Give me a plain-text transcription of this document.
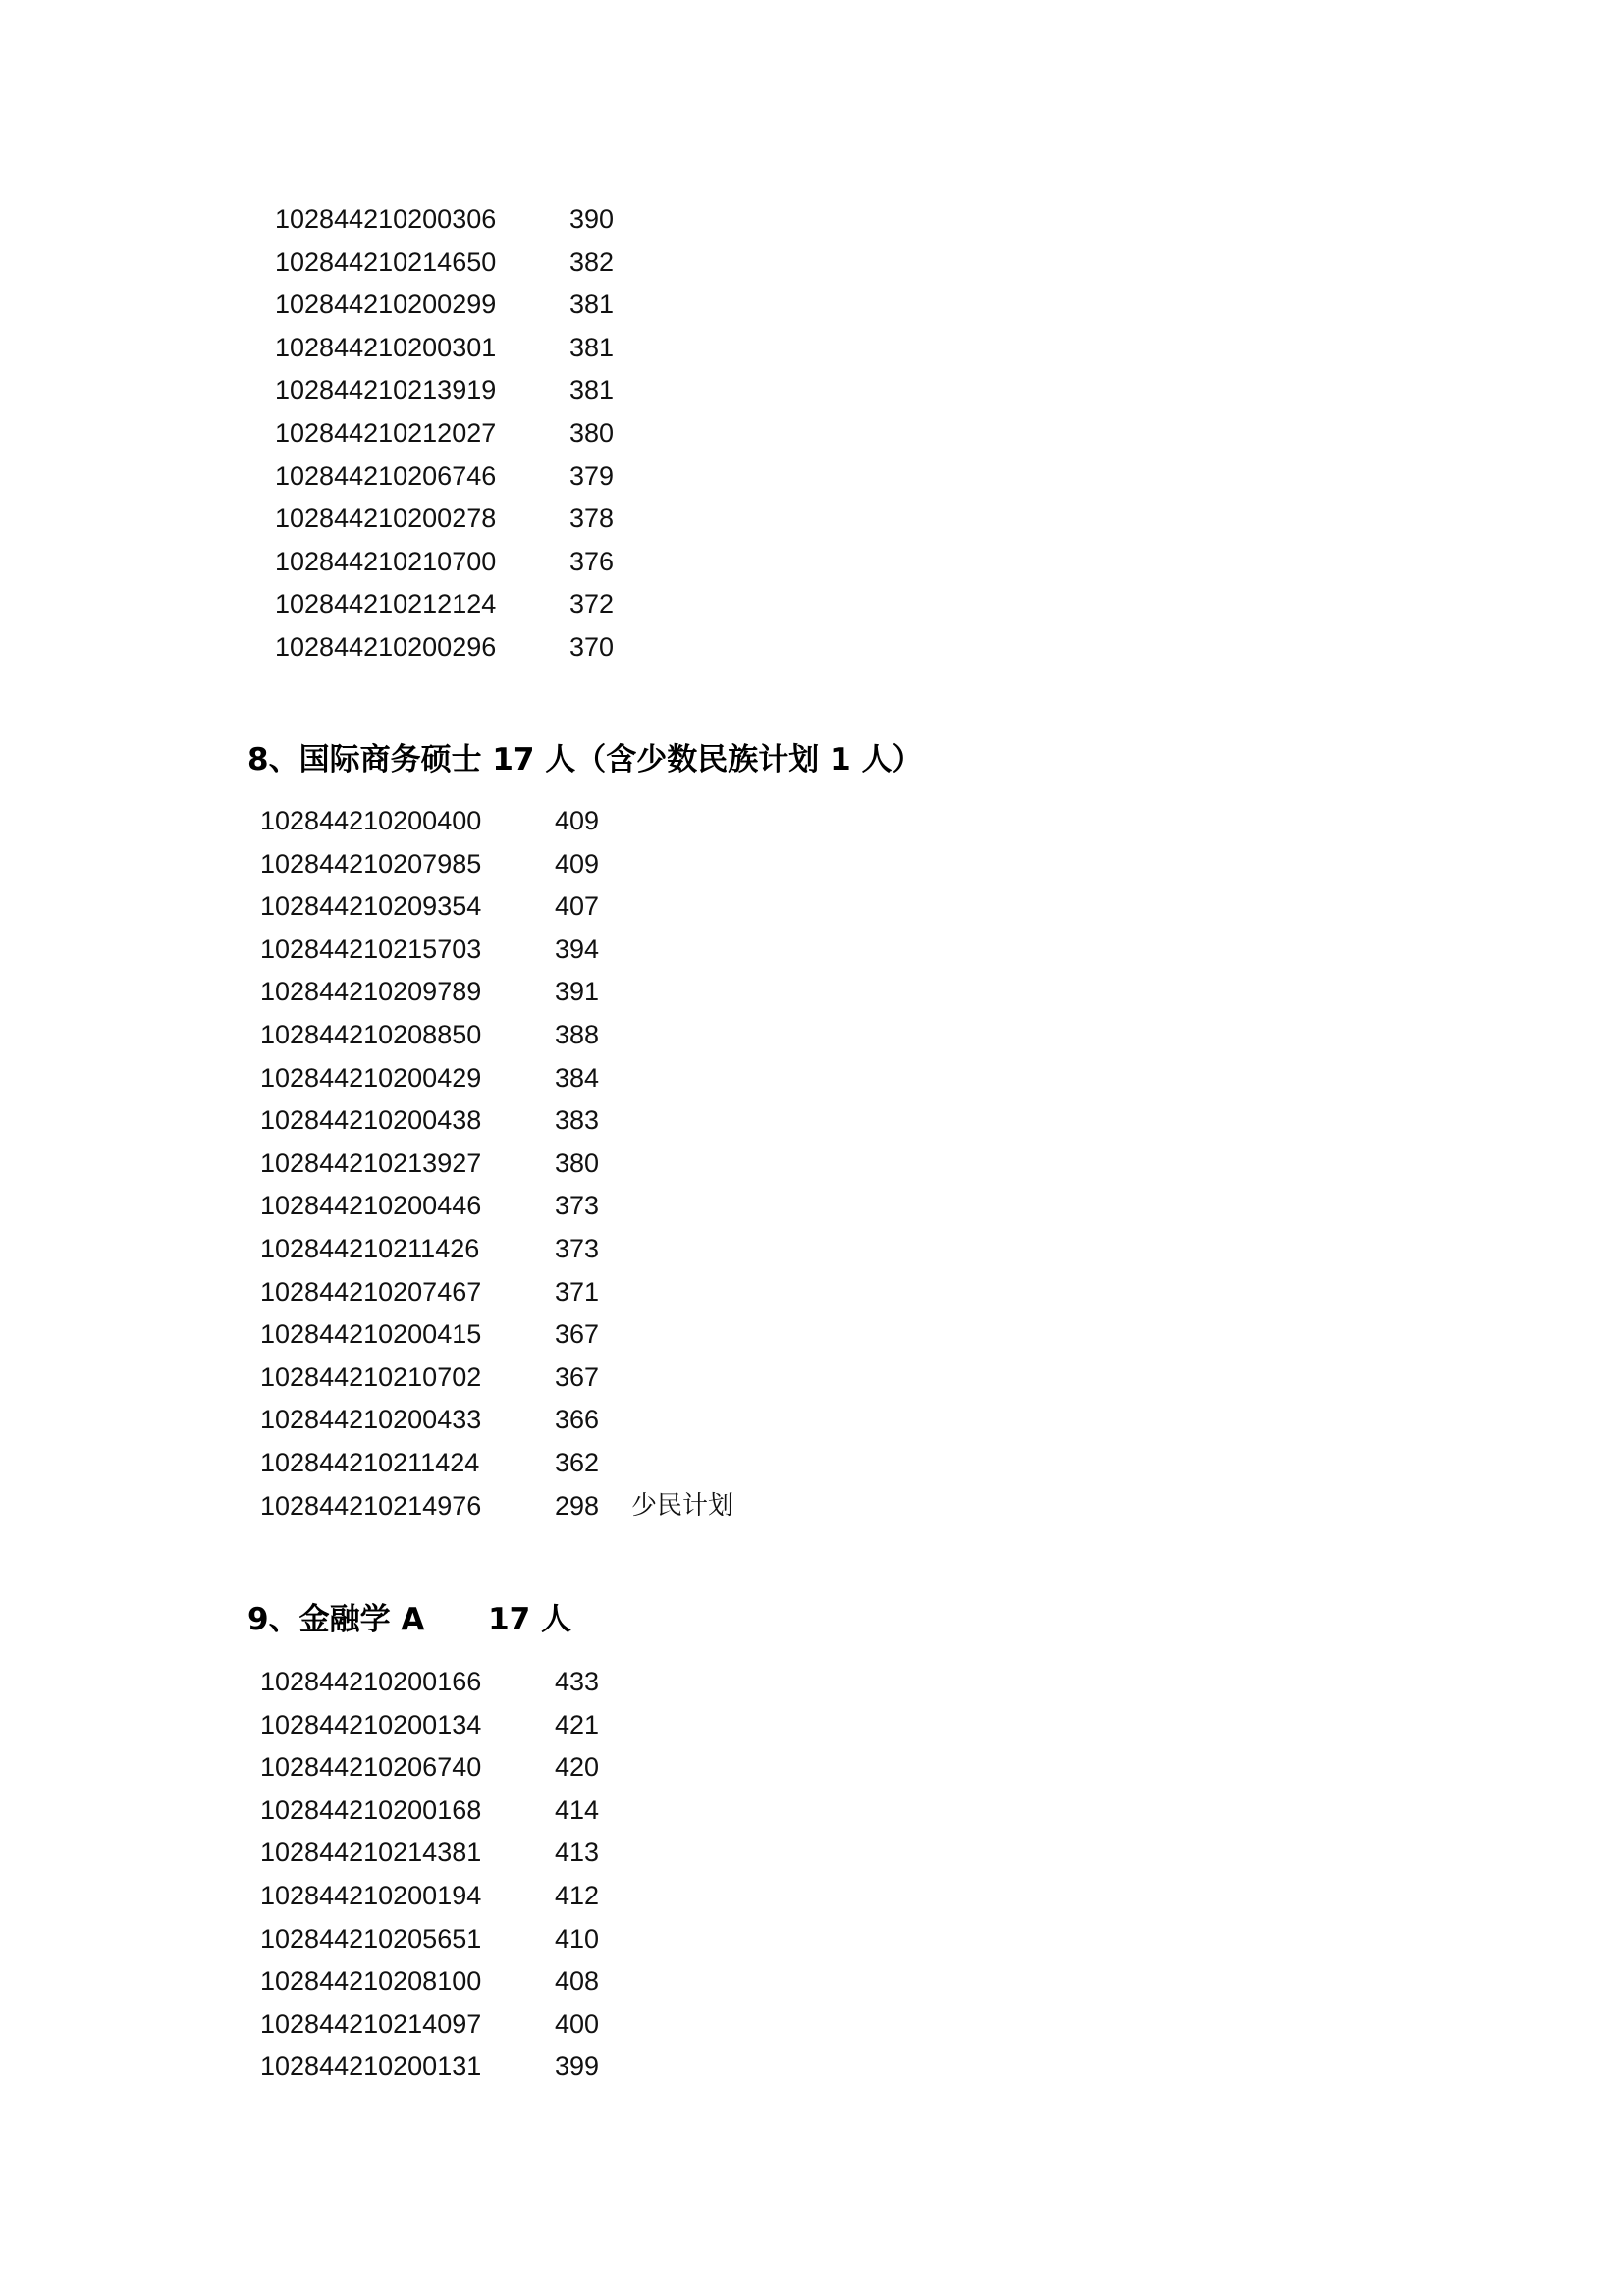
102844210200306	390
102844210214650	382
102844210200299	381
102844210200301	381
102844210213919	381
102844210212027	380
102844210206746	379
102844210200278	378
102844210210700	376
102844210212124	372
102844210200296	370
8、国际商务硕士 17 人（含少数民族计划 1 人）
102844210200400	409
102844210207985	409
102844210209354	407
102844210215703	394
102844210209789	391
102844210208850	388
102844210200429	384
102844210200438	383
102844210213927	380
102844210200446	373
102844210211426	373
102844210207467	371
102844210200415	367
102844210210702	367
102844210200433	366
102844210211424	362
102844210214976	298	少民计划
9、金融学 A      17 人
102844210200166	433
102844210200134	421
102844210206740	420
102844210200168	414
102844210214381	413
102844210200194	412
102844210205651	410
102844210208100	408
102844210214097	400
102844210200131	399
